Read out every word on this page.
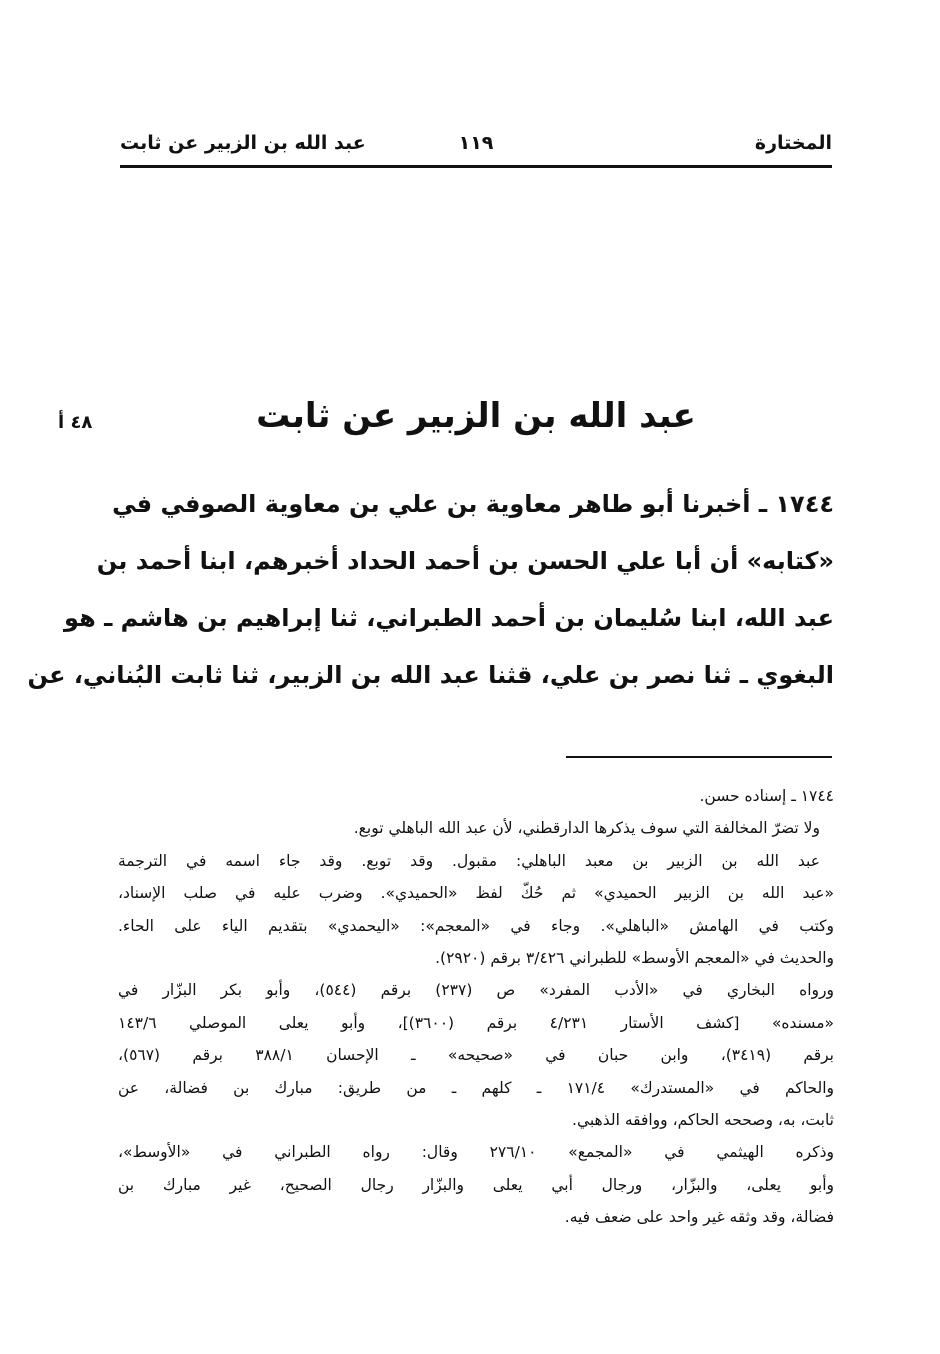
المختارة
١١٩
عبد الله بن الزبير عن ثابت
٤٨ أ	عبد الله بن الزبير عن ثابت
١٧٤٤ ـ أخبرنا أبو طاهر معاوية بن علي بن معاوية الصوفي في
«كتابه» أن أبا علي الحسن بن أحمد الحداد أخبرهم، ابنا أحمد بن
عبد الله، ابنا سُليمان بن أحمد الطبراني، ثنا إبراهيم بن هاشم ـ هو
البغوي ـ ثنا نصر بن علي، قثنا عبد الله بن الزبير، ثنا ثابت البُناني، عن
١٧٤٤ ـ إسناده حسن.
ولا تضرّ المخالفة التي سوف يذكرها الدارقطني، لأن عبد الله الباهلي توبع.
عبد الله بن الزبير بن معبد الباهلي: مقبول. وقد توبع. وقد جاء اسمه في الترجمة
«عبد الله بن الزبير الحميدي» ثم حُكّ لفظ «الحميدي». وضرب عليه في صلب الإسناد،
وكتب في الهامش «الباهلي». وجاء في «المعجم»: «اليحمدي» بتقديم الياء على الحاء.
والحديث في «المعجم الأوسط» للطبراني ٣/٤٢٦ برقم (٢٩٢٠).
ورواه البخاري في «الأدب المفرد» ص (٢٣٧) برقم (٥٤٤)، وأبو بكر البزّار في
«مسنده» [كشف الأستار ٤/٢٣١ برقم (٣٦٠٠)]، وأبو يعلى الموصلي ١٤٣/٦
برقم (٣٤١٩)، وابن حبان في «صحيحه» ـ الإحسان ٣٨٨/١ برقم (٥٦٧)،
والحاكم في «المستدرك» ١٧١/٤ ـ كلهم ـ من طريق: مبارك بن فضالة، عن
ثابت، به، وصححه الحاكم، ووافقه الذهبي.
وذكره الهيثمي في «المجمع» ٢٧٦/١٠ وقال: رواه الطبراني في «الأوسط»،
وأبو يعلى، والبزّار، ورجال أبي يعلى والبزّار رجال الصحيح، غير مبارك بن
فضالة، وقد وثقه غير واحد على ضعف فيه.
